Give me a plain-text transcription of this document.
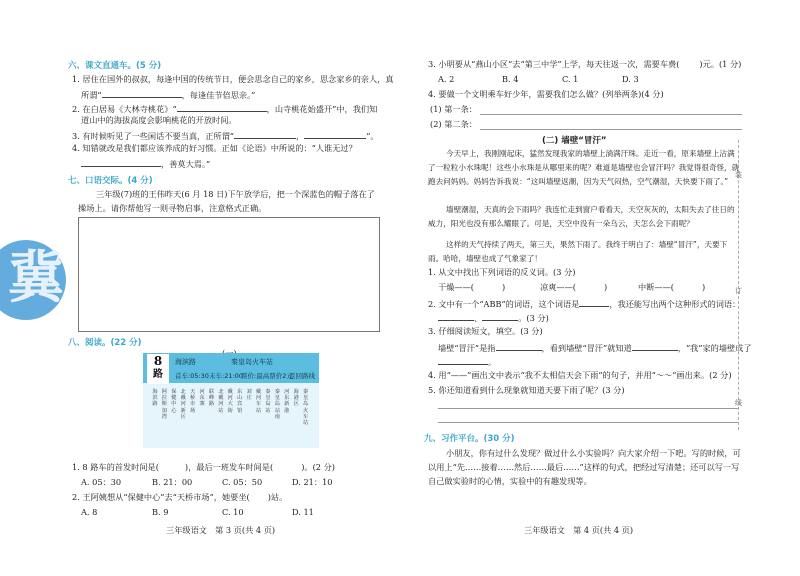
六、课文直通车。(5 分)
1. 居住在国外的叔叔，每逢中国的传统节日，便会思念自己的家乡，思念家乡的亲人，真
所谓“	，每逢佳节倍思亲。”
2. 在白居易《大林寺桃花》“	，山寺桃花始盛开”中，我们知
道山中的海拔高度会影响桃花的开放时间。
3. 有时候听见了一些闲话不要当真，正所谓“	，	”。
4. 知错就改是我们都应该养成的好习惯。正如《论语》中所说的：“人谁无过？
，善莫大焉。”
七、口语交际。(4 分)
三年级(7)班的王伟昨天(6 月 18 日)下午放学后，把一个深蓝色的帽子落在了操场上。请你帮他写一则寻物启事，注意格式正确。
冀
八、阅读。(22 分)
8
路
海滨路	秦皇岛火车站
首车:05:30 末车:21:00
票价:最高票价2元
返回路线
海滨路
阿拉斯加湾
保健中心
北戴河新区
天桥市场
河东寨
联峰路
北戴河站
戴河大街
东山宾馆
刘庄
戴河车站
秦皇岛站
秦皇岛站南
河东新港
海港区
秦皇岛火车站
1. 8 路车的首发时间是(	)，最后一班发车时间是(	)。(2 分)
A. 05：30	B. 21：00	C. 05：50	D. 21：10
2. 王阿姨想从“保健中心”去“天桥市场”，她要坐( )站。
A. 8	B. 9	C. 10	D. 11
三年级语文　第 3 页(共 4 页)
3. 小明要从“燕山小区”去“第三中学”上学，每天往返一次，需要车费( )元。(1 分)
A. 2	B. 4	C. 1	D. 3
4. 要做一个文明乘车好少年，需要我们怎么做？(列举两条)(4 分)
(1) 第一条：
(2) 第二条：
(二) 墙壁“冒汗”
今天早上，我刚刚起床，猛然发现我家的墙壁上淌满汗珠。走近一看，原来墙壁上沾满了一粒粒小水珠呢！这些小水珠是从哪里来的呢？难道是墙壁也会冒汗吗？我觉得很奇怪，就跑去问妈妈。妈妈告诉我说：“这叫墙壁返潮，因为天气闷热，空气潮湿，天快要下雨了。”
墙壁潮湿，天真的会下雨吗？我连忙走到窗户看看天，天空灰灰的，太阳失去了往日的威力，阳光也没有那么耀眼了。可是，天空中没有一朵乌云，天怎么会下雨呢？
这样的天气持续了两天，第三天，果然下雨了。我终于明白了：墙壁“冒汗”，天要下雨。哈哈，墙壁也成了气象家了！
1. 从文中找出下列词语的反义词。(3 分)
干燥——(	)	凉爽——(	)	中断——(	)
2. 文中有一个“ABB”的词语，这个词语是	，我还能写出两个这种形式的词语：
、	。(3 分)
3. 仔细阅读短文，填空。(3 分)
墙壁“冒汗”是指	，看到墙壁“冒汗”就知道	，“我”家的墙壁成了
。
4. 用“——”画出文中表示“我不太相信天会下雨”的句子，并用“～～”画出来。(2 分)
5. 你还知道看到什么现象就知道天要下雨了呢？(3 分)
九、习作平台。(30 分)
小朋友，你有过什么发现？做过什么小实验吗？向大家介绍一下吧。写的时候，可以用上“先……接着……然后……最后……”这样的句式，把经过写清楚；还可以写一写自己做实验时的心情，实验中的有趣发现等。
三年级语文　第 4 页(共 4 页)
装
订
线
